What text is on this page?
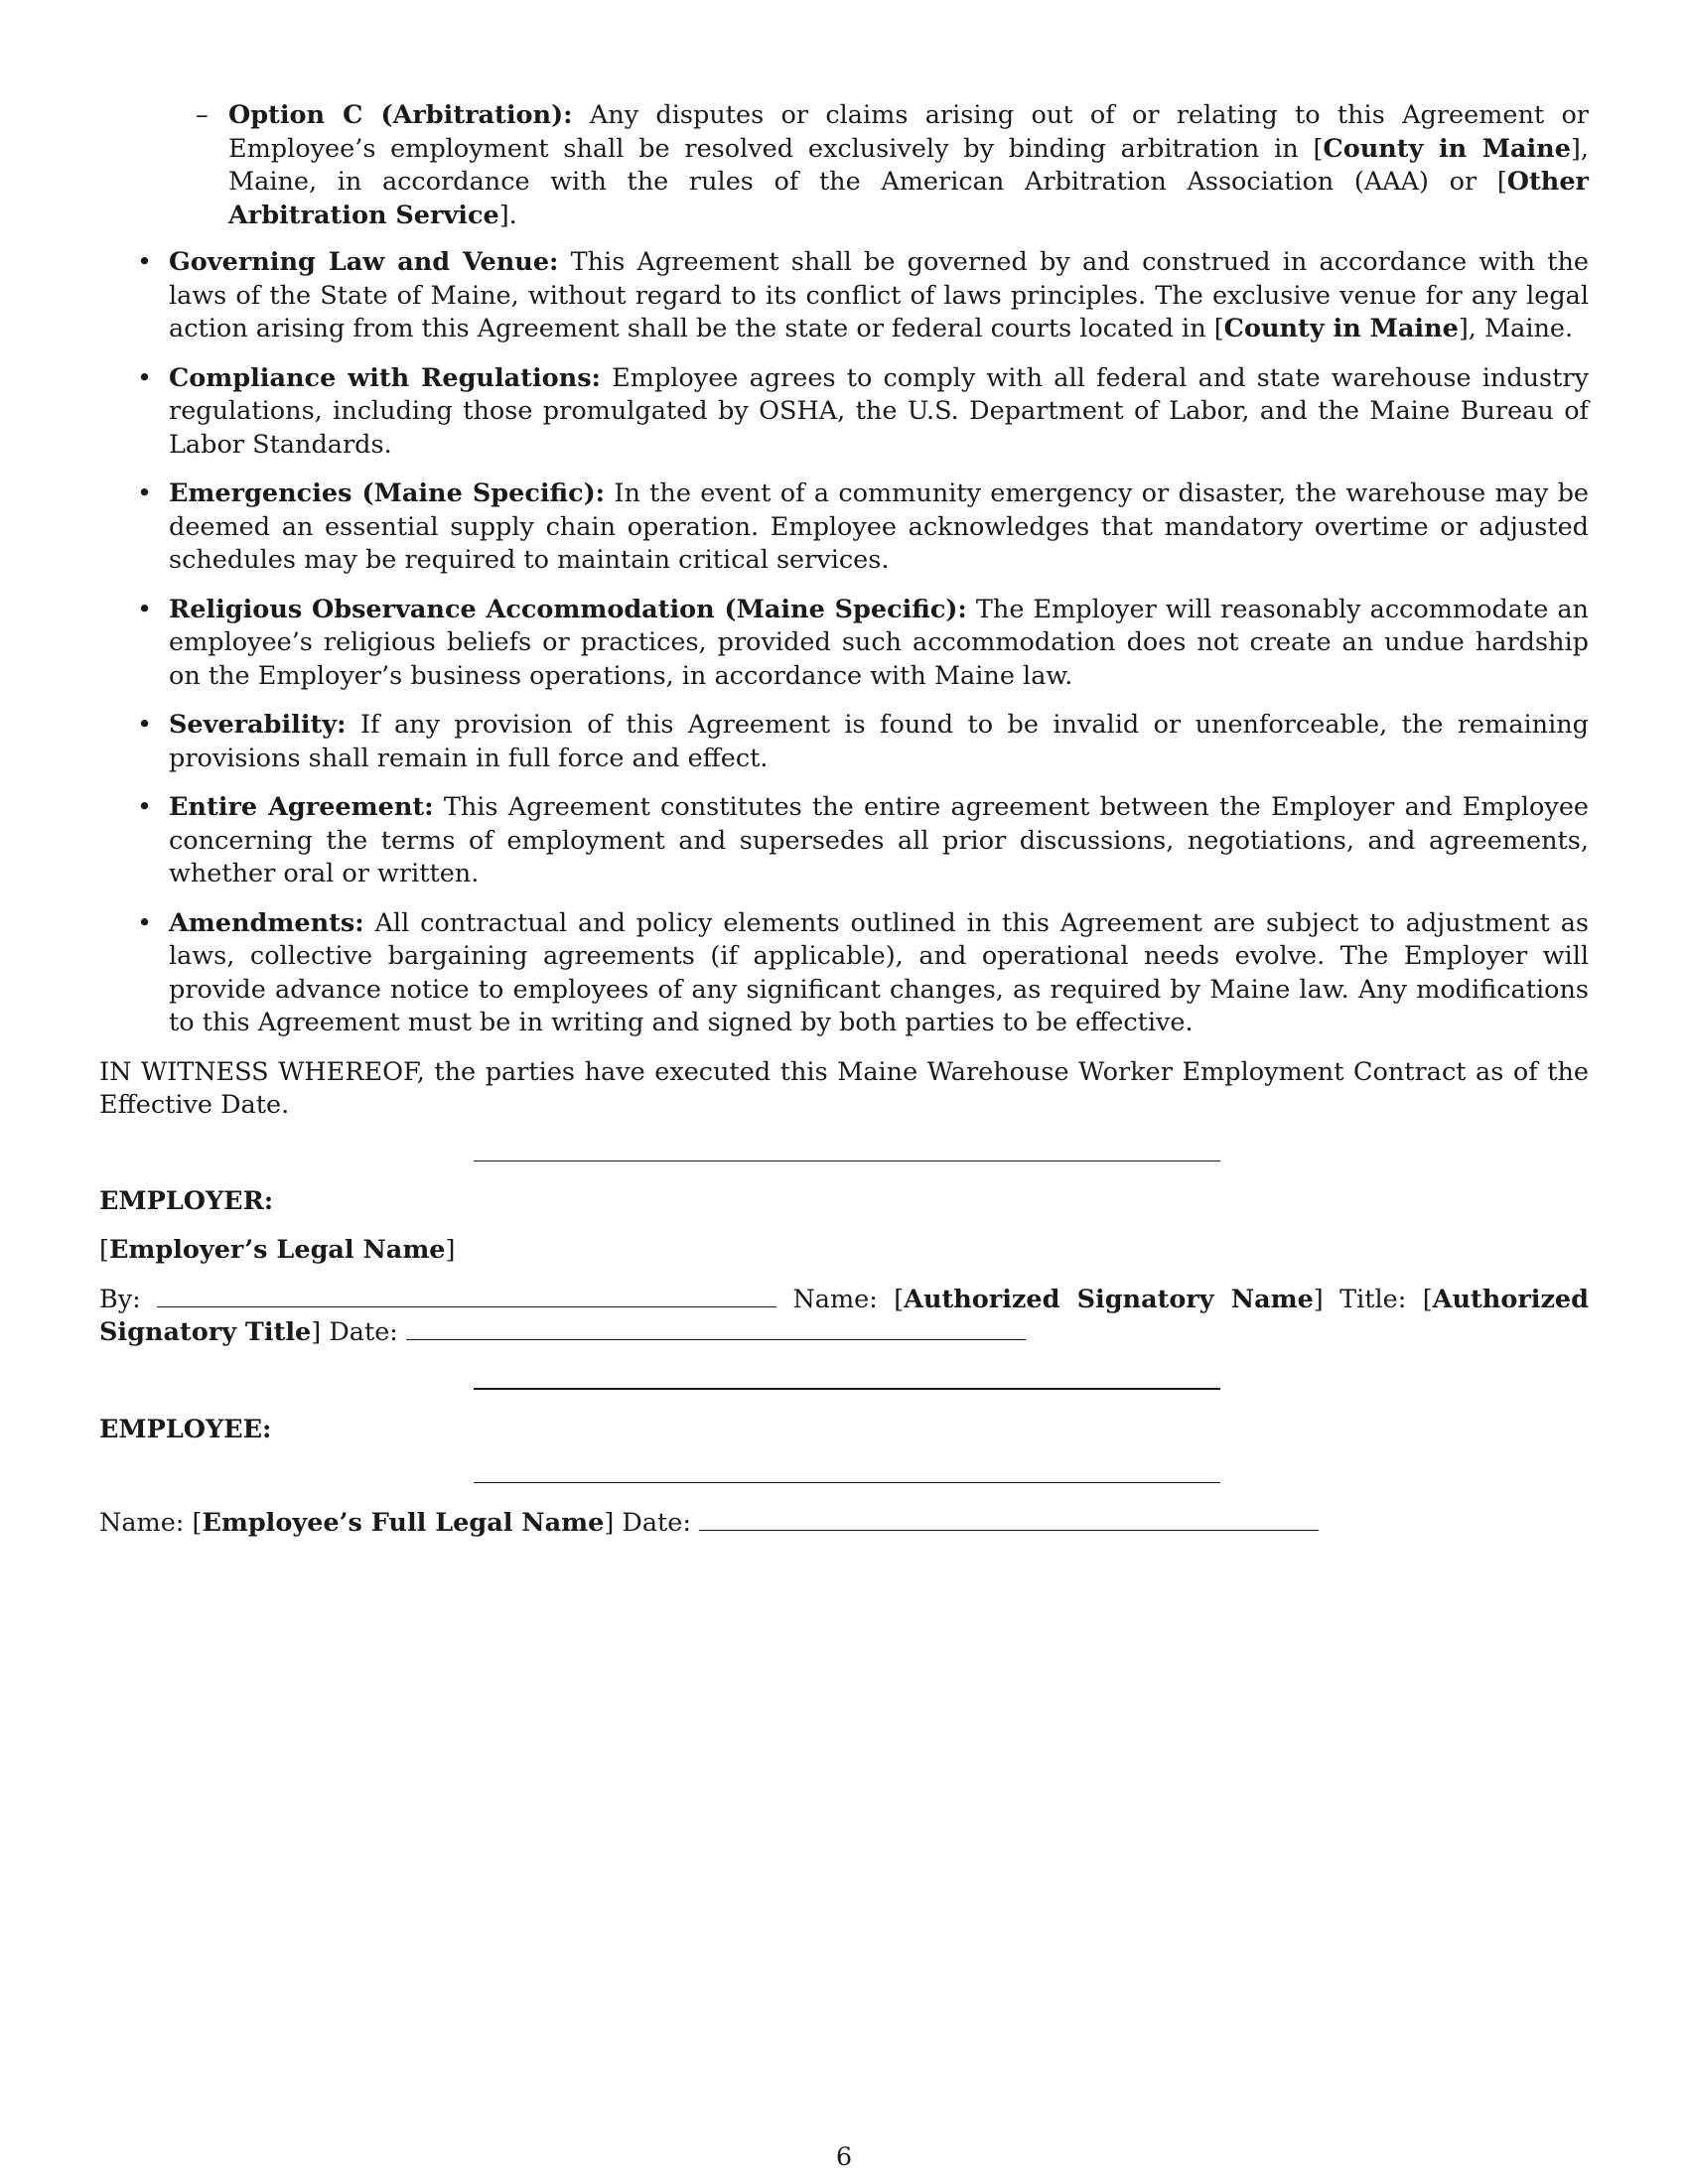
– Option C (Arbitration): Any disputes or claims arising out of or relating to this Agreement or Employee’s employment shall be resolved exclusively by binding arbitration in [County in Maine], Maine, in accordance with the rules of the American Arbitration Association (AAA) or [Other Arbitration Service].

• Governing Law and Venue: This Agreement shall be governed by and construed in accordance with the laws of the State of Maine, without regard to its conflict of laws principles. The exclusive venue for any legal action arising from this Agreement shall be the state or federal courts located in [County in Maine], Maine.
• Compliance with Regulations: Employee agrees to comply with all federal and state warehouse industry regulations, including those promulgated by OSHA, the U.S. Department of Labor, and the Maine Bureau of Labor Standards.
• Emergencies (Maine Specific): In the event of a community emergency or disaster, the warehouse may be deemed an essential supply chain operation. Employee acknowledges that mandatory overtime or adjusted schedules may be required to maintain critical services.
• Religious Observance Accommodation (Maine Specific): The Employer will reasonably accommodate an employee’s religious beliefs or practices, provided such accommodation does not create an undue hardship on the Employer’s business operations, in accordance with Maine law.
• Severability: If any provision of this Agreement is found to be invalid or unenforceable, the remaining provisions shall remain in full force and effect.
• Entire Agreement: This Agreement constitutes the entire agreement between the Employer and Employee concerning the terms of employment and supersedes all prior discussions, negotiations, and agreements, whether oral or written.
• Amendments: All contractual and policy elements outlined in this Agreement are subject to adjustment as laws, collective bargaining agreements (if applicable), and operational needs evolve. The Employer will provide advance notice to employees of any significant changes, as required by Maine law. Any modifications to this Agreement must be in writing and signed by both parties to be effective.

IN WITNESS WHEREOF, the parties have executed this Maine Warehouse Worker Employment Contract as of the Effective Date.

EMPLOYER:

[Employer’s Legal Name]

By:	Name: [Authorized Signatory Name] Title: [Authorized Signatory Title] Date:

EMPLOYEE:

Name: [Employee’s Full Legal Name] Date:

6
